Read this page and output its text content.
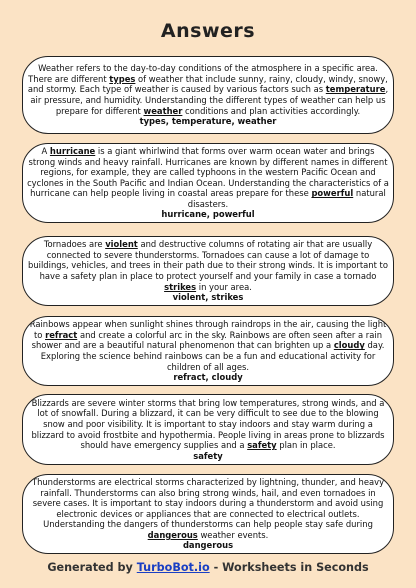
Answers

Weather refers to the day-to-day conditions of the atmosphere in a specific area. There are different types of weather that include sunny, rainy, cloudy, windy, snowy, and stormy. Each type of weather is caused by various factors such as temperature, air pressure, and humidity. Understanding the different types of weather can help us prepare for different weather conditions and plan activities accordingly.

types, temperature, weather

A hurricane is a giant whirlwind that forms over warm ocean water and brings strong winds and heavy rainfall. Hurricanes are known by different names in different regions, for example, they are called typhoons in the western Pacific Ocean and cyclones in the South Pacific and Indian Ocean. Understanding the characteristics of a hurricane can help people living in coastal areas prepare for these powerful natural disasters.

hurricane, powerful

Tornadoes are violent and destructive columns of rotating air that are usually connected to severe thunderstorms. Tornadoes can cause a lot of damage to buildings, vehicles, and trees in their path due to their strong winds. It is important to have a safety plan in place to protect yourself and your family in case a tornado strikes in your area.

violent, strikes

Rainbows appear when sunlight shines through raindrops in the air, causing the light to refract and create a colorful arc in the sky. Rainbows are often seen after a rain shower and are a beautiful natural phenomenon that can brighten up a cloudy day. Exploring the science behind rainbows can be a fun and educational activity for children of all ages.

refract, cloudy

Blizzards are severe winter storms that bring low temperatures, strong winds, and a lot of snowfall. During a blizzard, it can be very difficult to see due to the blowing snow and poor visibility. It is important to stay indoors and stay warm during a blizzard to avoid frostbite and hypothermia. People living in areas prone to blizzards should have emergency supplies and a safety plan in place.

safety

Thunderstorms are electrical storms characterized by lightning, thunder, and heavy rainfall. Thunderstorms can also bring strong winds, hail, and even tornadoes in severe cases. It is important to stay indoors during a thunderstorm and avoid using electronic devices or appliances that are connected to electrical outlets. Understanding the dangers of thunderstorms can help people stay safe during dangerous weather events.

dangerous

Generated by TurboBot.io - Worksheets in Seconds
